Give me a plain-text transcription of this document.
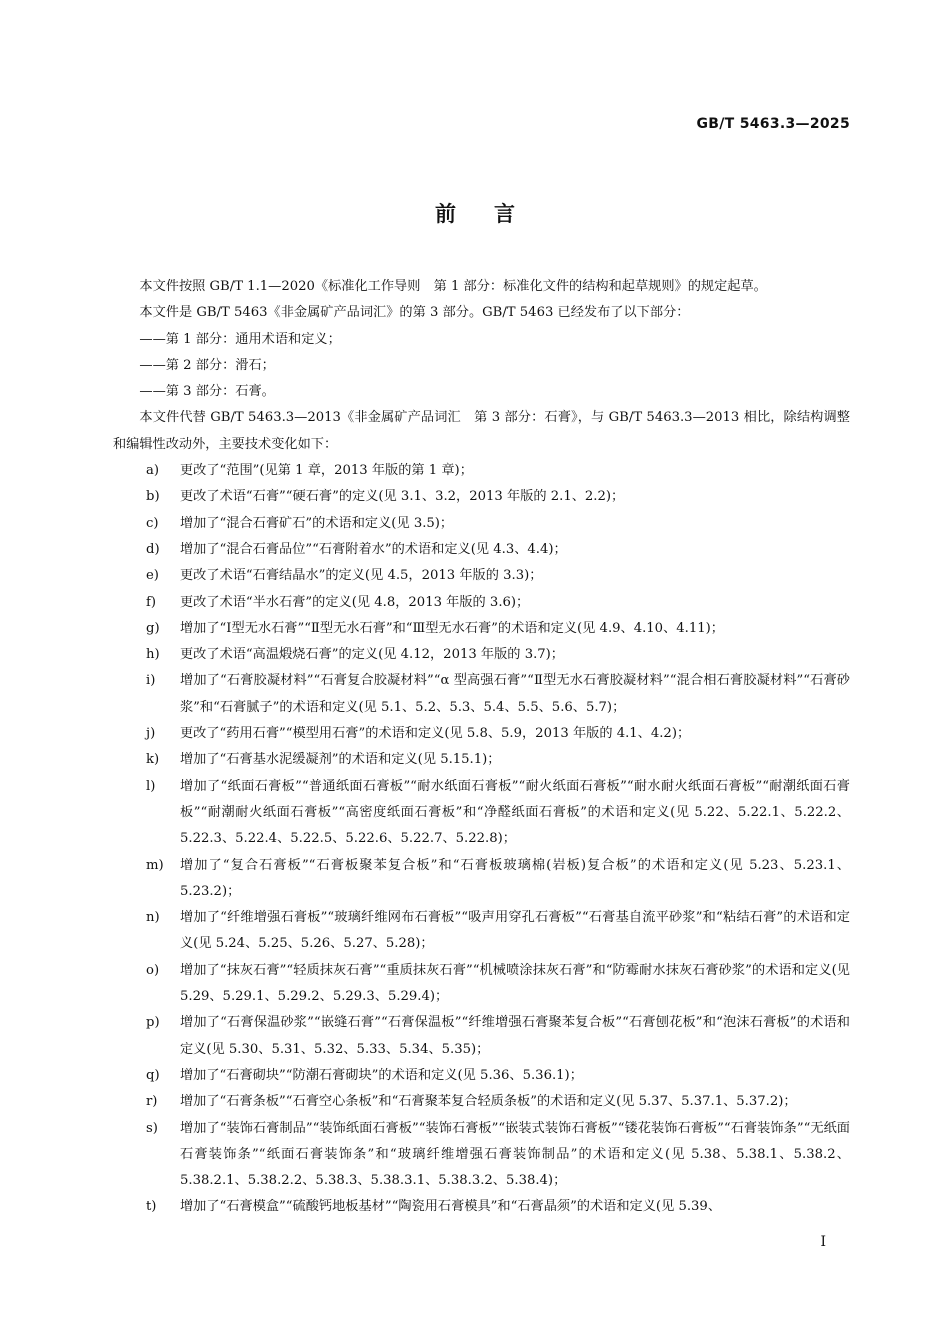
GB/T 5463.3—2025
前言
本文件按照 GB/T 1.1—2020《标准化工作导则　第 1 部分：标准化文件的结构和起草规则》的规定起草。
本文件是 GB/T 5463《非金属矿产品词汇》的第 3 部分。GB/T 5463 已经发布了以下部分：
——第 1 部分：通用术语和定义；
——第 2 部分：滑石；
——第 3 部分：石膏。
本文件代替 GB/T 5463.3—2013《非金属矿产品词汇　第 3 部分：石膏》，与 GB/T 5463.3—2013 相比，除结构调整和编辑性改动外，主要技术变化如下：
a) 更改了“范围”(见第 1 章，2013 年版的第 1 章)；
b) 更改了术语“石膏”“硬石膏”的定义(见 3.1、3.2，2013 年版的 2.1、2.2)；
c) 增加了“混合石膏矿石”的术语和定义(见 3.5)；
d) 增加了“混合石膏品位”“石膏附着水”的术语和定义(见 4.3、4.4)；
e) 更改了术语“石膏结晶水”的定义(见 4.5，2013 年版的 3.3)；
f) 更改了术语“半水石膏”的定义(见 4.8，2013 年版的 3.6)；
g) 增加了“Ⅰ型无水石膏”“Ⅱ型无水石膏”和“Ⅲ型无水石膏”的术语和定义(见 4.9、4.10、4.11)；
h) 更改了术语“高温煅烧石膏”的定义(见 4.12，2013 年版的 3.7)；
i) 增加了“石膏胶凝材料”“石膏复合胶凝材料”“α 型高强石膏”“Ⅱ型无水石膏胶凝材料”“混合相石膏胶凝材料”“石膏砂浆”和“石膏腻子”的术语和定义(见 5.1、5.2、5.3、5.4、5.5、5.6、5.7)；
j) 更改了“药用石膏”“模型用石膏”的术语和定义(见 5.8、5.9，2013 年版的 4.1、4.2)；
k) 增加了“石膏基水泥缓凝剂”的术语和定义(见 5.15.1)；
l) 增加了“纸面石膏板”“普通纸面石膏板”“耐水纸面石膏板”“耐火纸面石膏板”“耐水耐火纸面石膏板”“耐潮纸面石膏板”“耐潮耐火纸面石膏板”“高密度纸面石膏板”和“净醛纸面石膏板”的术语和定义(见 5.22、5.22.1、5.22.2、5.22.3、5.22.4、5.22.5、5.22.6、5.22.7、5.22.8)；
m) 增加了“复合石膏板”“石膏板聚苯复合板”和“石膏板玻璃棉(岩板)复合板”的术语和定义(见 5.23、5.23.1、5.23.2)；
n) 增加了“纤维增强石膏板”“玻璃纤维网布石膏板”“吸声用穿孔石膏板”“石膏基自流平砂浆”和“粘结石膏”的术语和定义(见 5.24、5.25、5.26、5.27、5.28)；
o) 增加了“抹灰石膏”“轻质抹灰石膏”“重质抹灰石膏”“机械喷涂抹灰石膏”和“防霉耐水抹灰石膏砂浆”的术语和定义(见 5.29、5.29.1、5.29.2、5.29.3、5.29.4)；
p) 增加了“石膏保温砂浆”“嵌缝石膏”“石膏保温板”“纤维增强石膏聚苯复合板”“石膏刨花板”和“泡沫石膏板”的术语和定义(见 5.30、5.31、5.32、5.33、5.34、5.35)；
q) 增加了“石膏砌块”“防潮石膏砌块”的术语和定义(见 5.36、5.36.1)；
r) 增加了“石膏条板”“石膏空心条板”和“石膏聚苯复合轻质条板”的术语和定义(见 5.37、5.37.1、5.37.2)；
s) 增加了“装饰石膏制品”“装饰纸面石膏板”“装饰石膏板”“嵌装式装饰石膏板”“镂花装饰石膏板”“石膏装饰条”“无纸面石膏装饰条”“纸面石膏装饰条”和“玻璃纤维增强石膏装饰制品”的术语和定义(见 5.38、5.38.1、5.38.2、5.38.2.1、5.38.2.2、5.38.3、5.38.3.1、5.38.3.2、5.38.4)；
t) 增加了“石膏模盒”“硫酸钙地板基材”“陶瓷用石膏模具”和“石膏晶须”的术语和定义(见 5.39、
Ⅰ
